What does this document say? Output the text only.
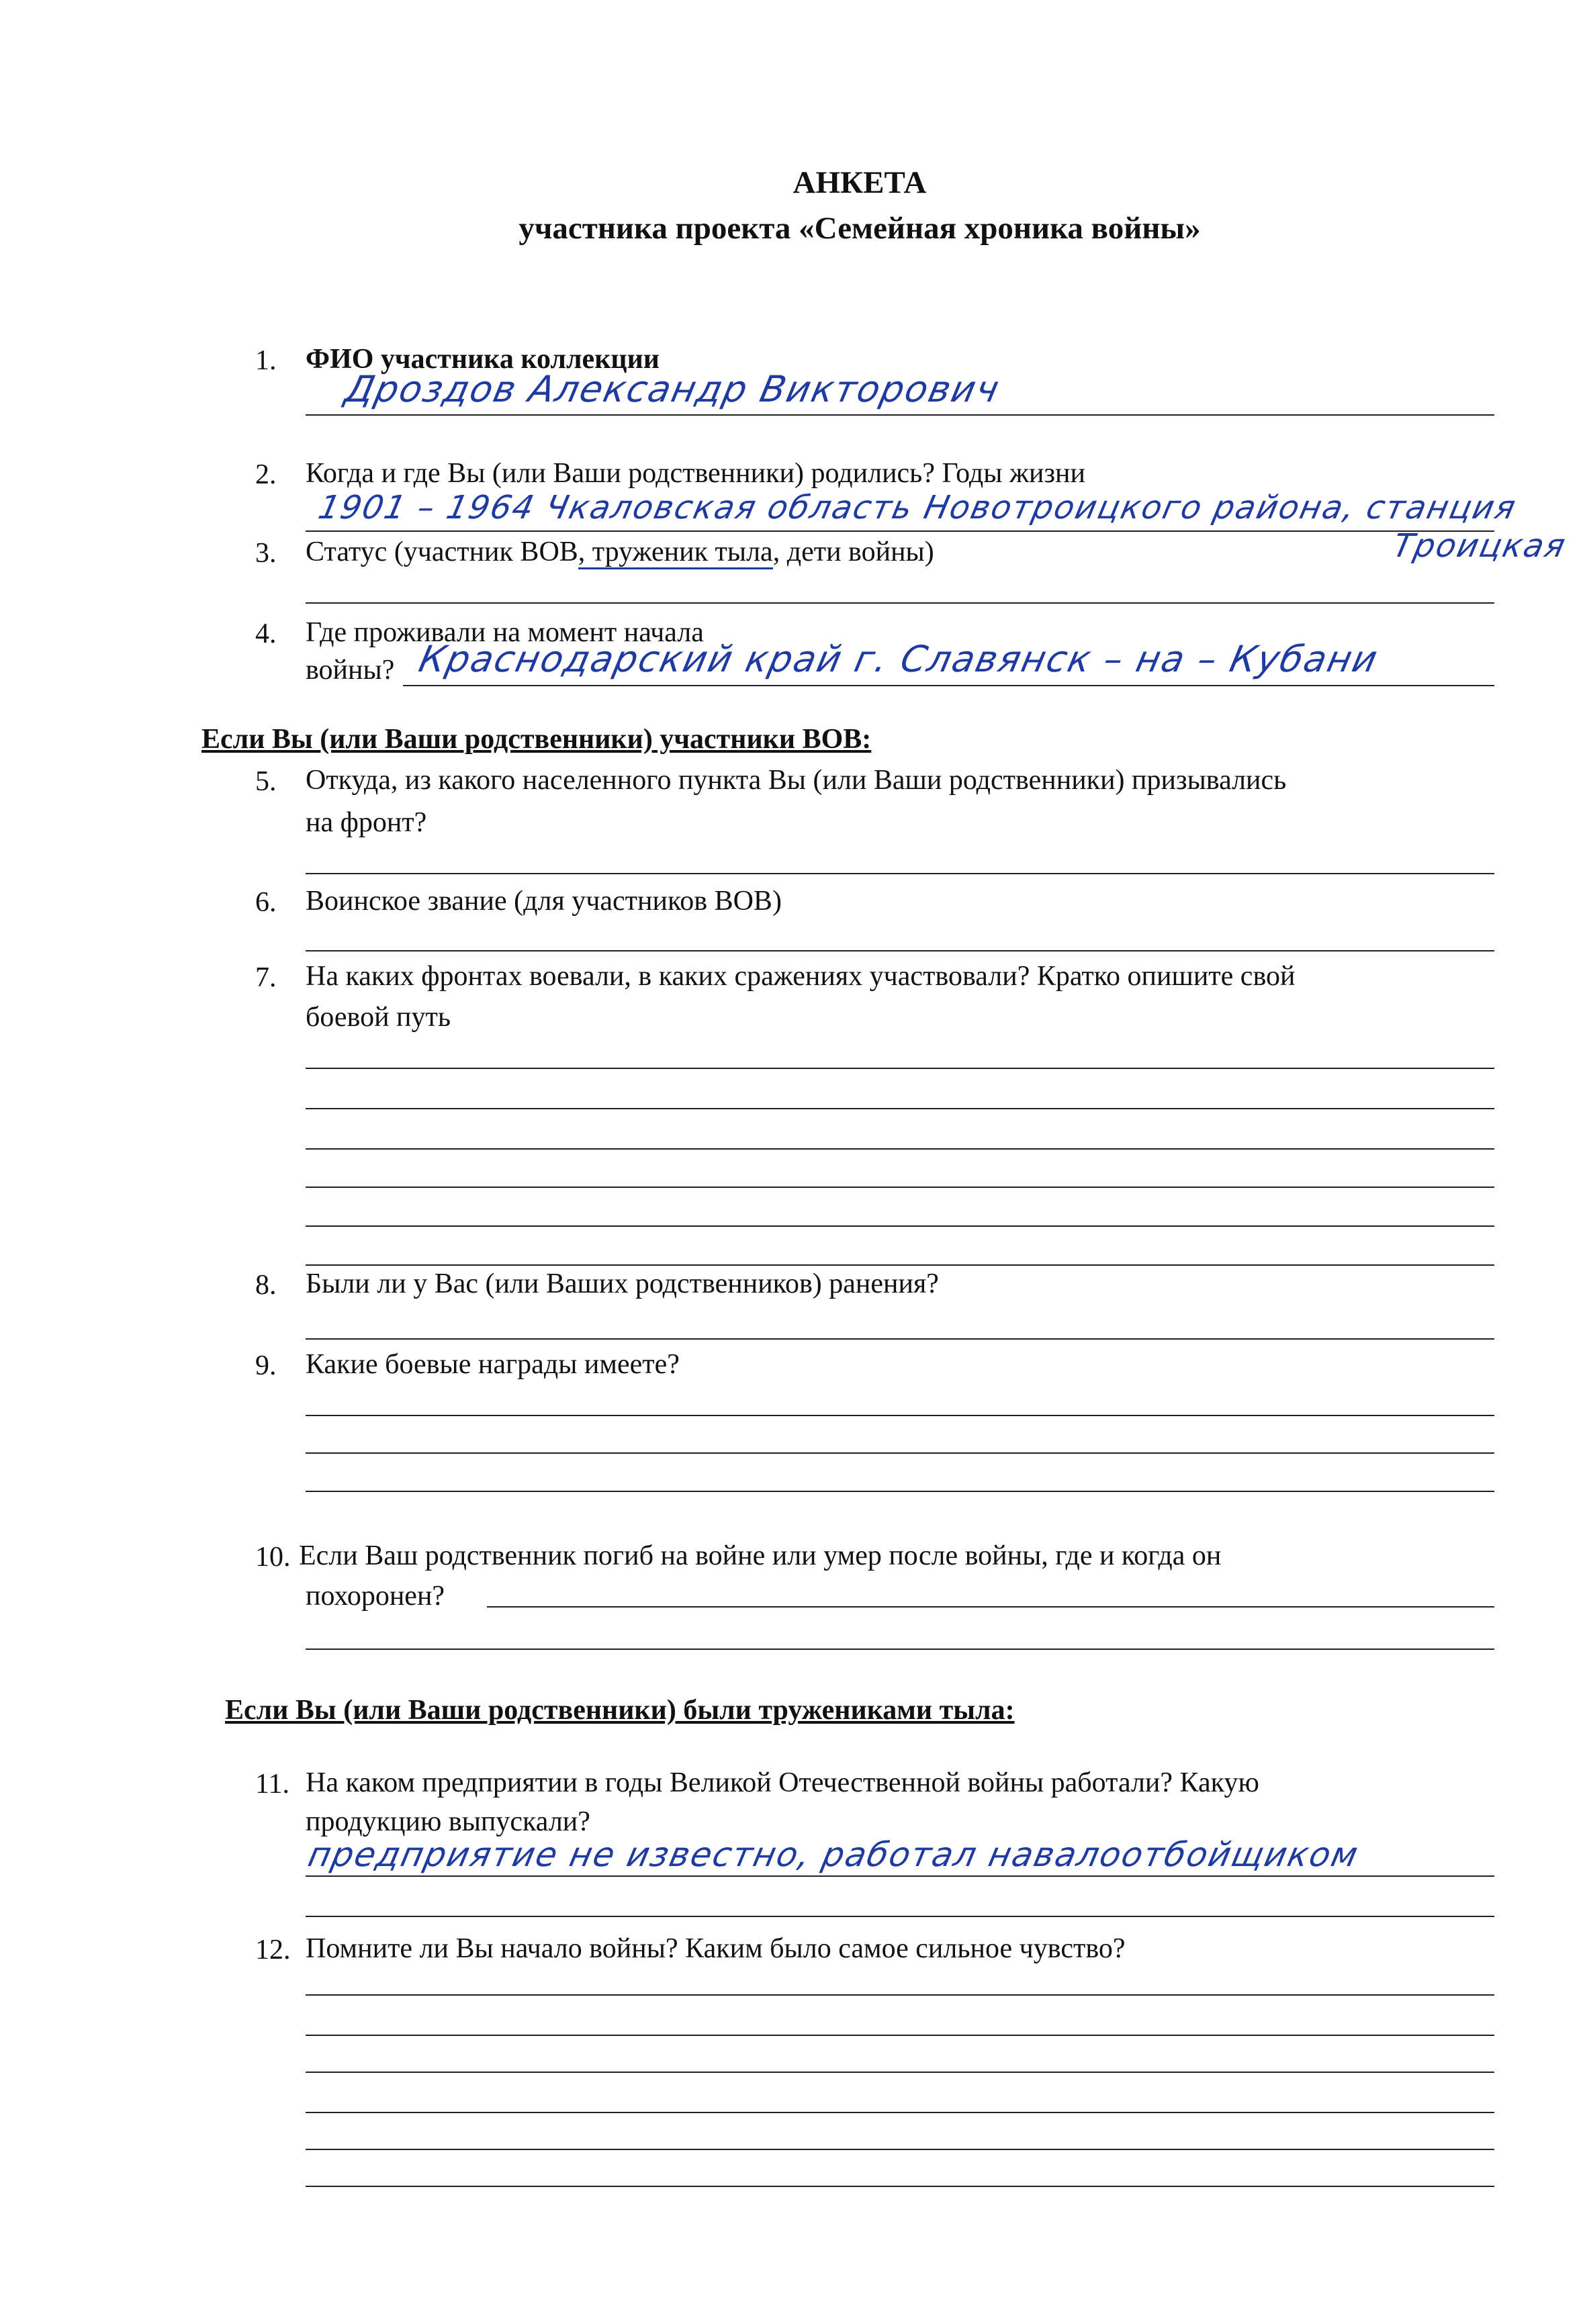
АНКЕТА
участника проекта «Семейная хроника войны»
1. ФИО участника коллекции
Дроздов Александр Викторович
2. Когда и где Вы (или Ваши родственники) родились? Годы жизни
1901 – 1964 Чкаловская область Новотроицкого района, станция
Троицкая
3. Статус (участник ВОВ, труженик тыла, дети войны)
4. Где проживали на момент начала
войны? Краснодарский край г. Славянск – на – Кубани
Если Вы (или Ваши родственники) участники ВОВ:
5. Откуда, из какого населенного пункта Вы (или Ваши родственники) призывались
на фронт?
6. Воинское звание (для участников ВОВ)
7. На каких фронтах воевали, в каких сражениях участвовали? Кратко опишите свой
боевой путь
8. Были ли у Вас (или Ваших родственников) ранения?
9. Какие боевые награды имеете?
10. Если Ваш родственник погиб на войне или умер после войны, где и когда он
похоронен?
Если Вы (или Ваши родственники) были тружениками тыла:
11. На каком предприятии в годы Великой Отечественной войны работали? Какую
продукцию выпускали?
предприятие не известно, работал навалоотбойщиком
12. Помните ли Вы начало войны? Каким было самое сильное чувство?
